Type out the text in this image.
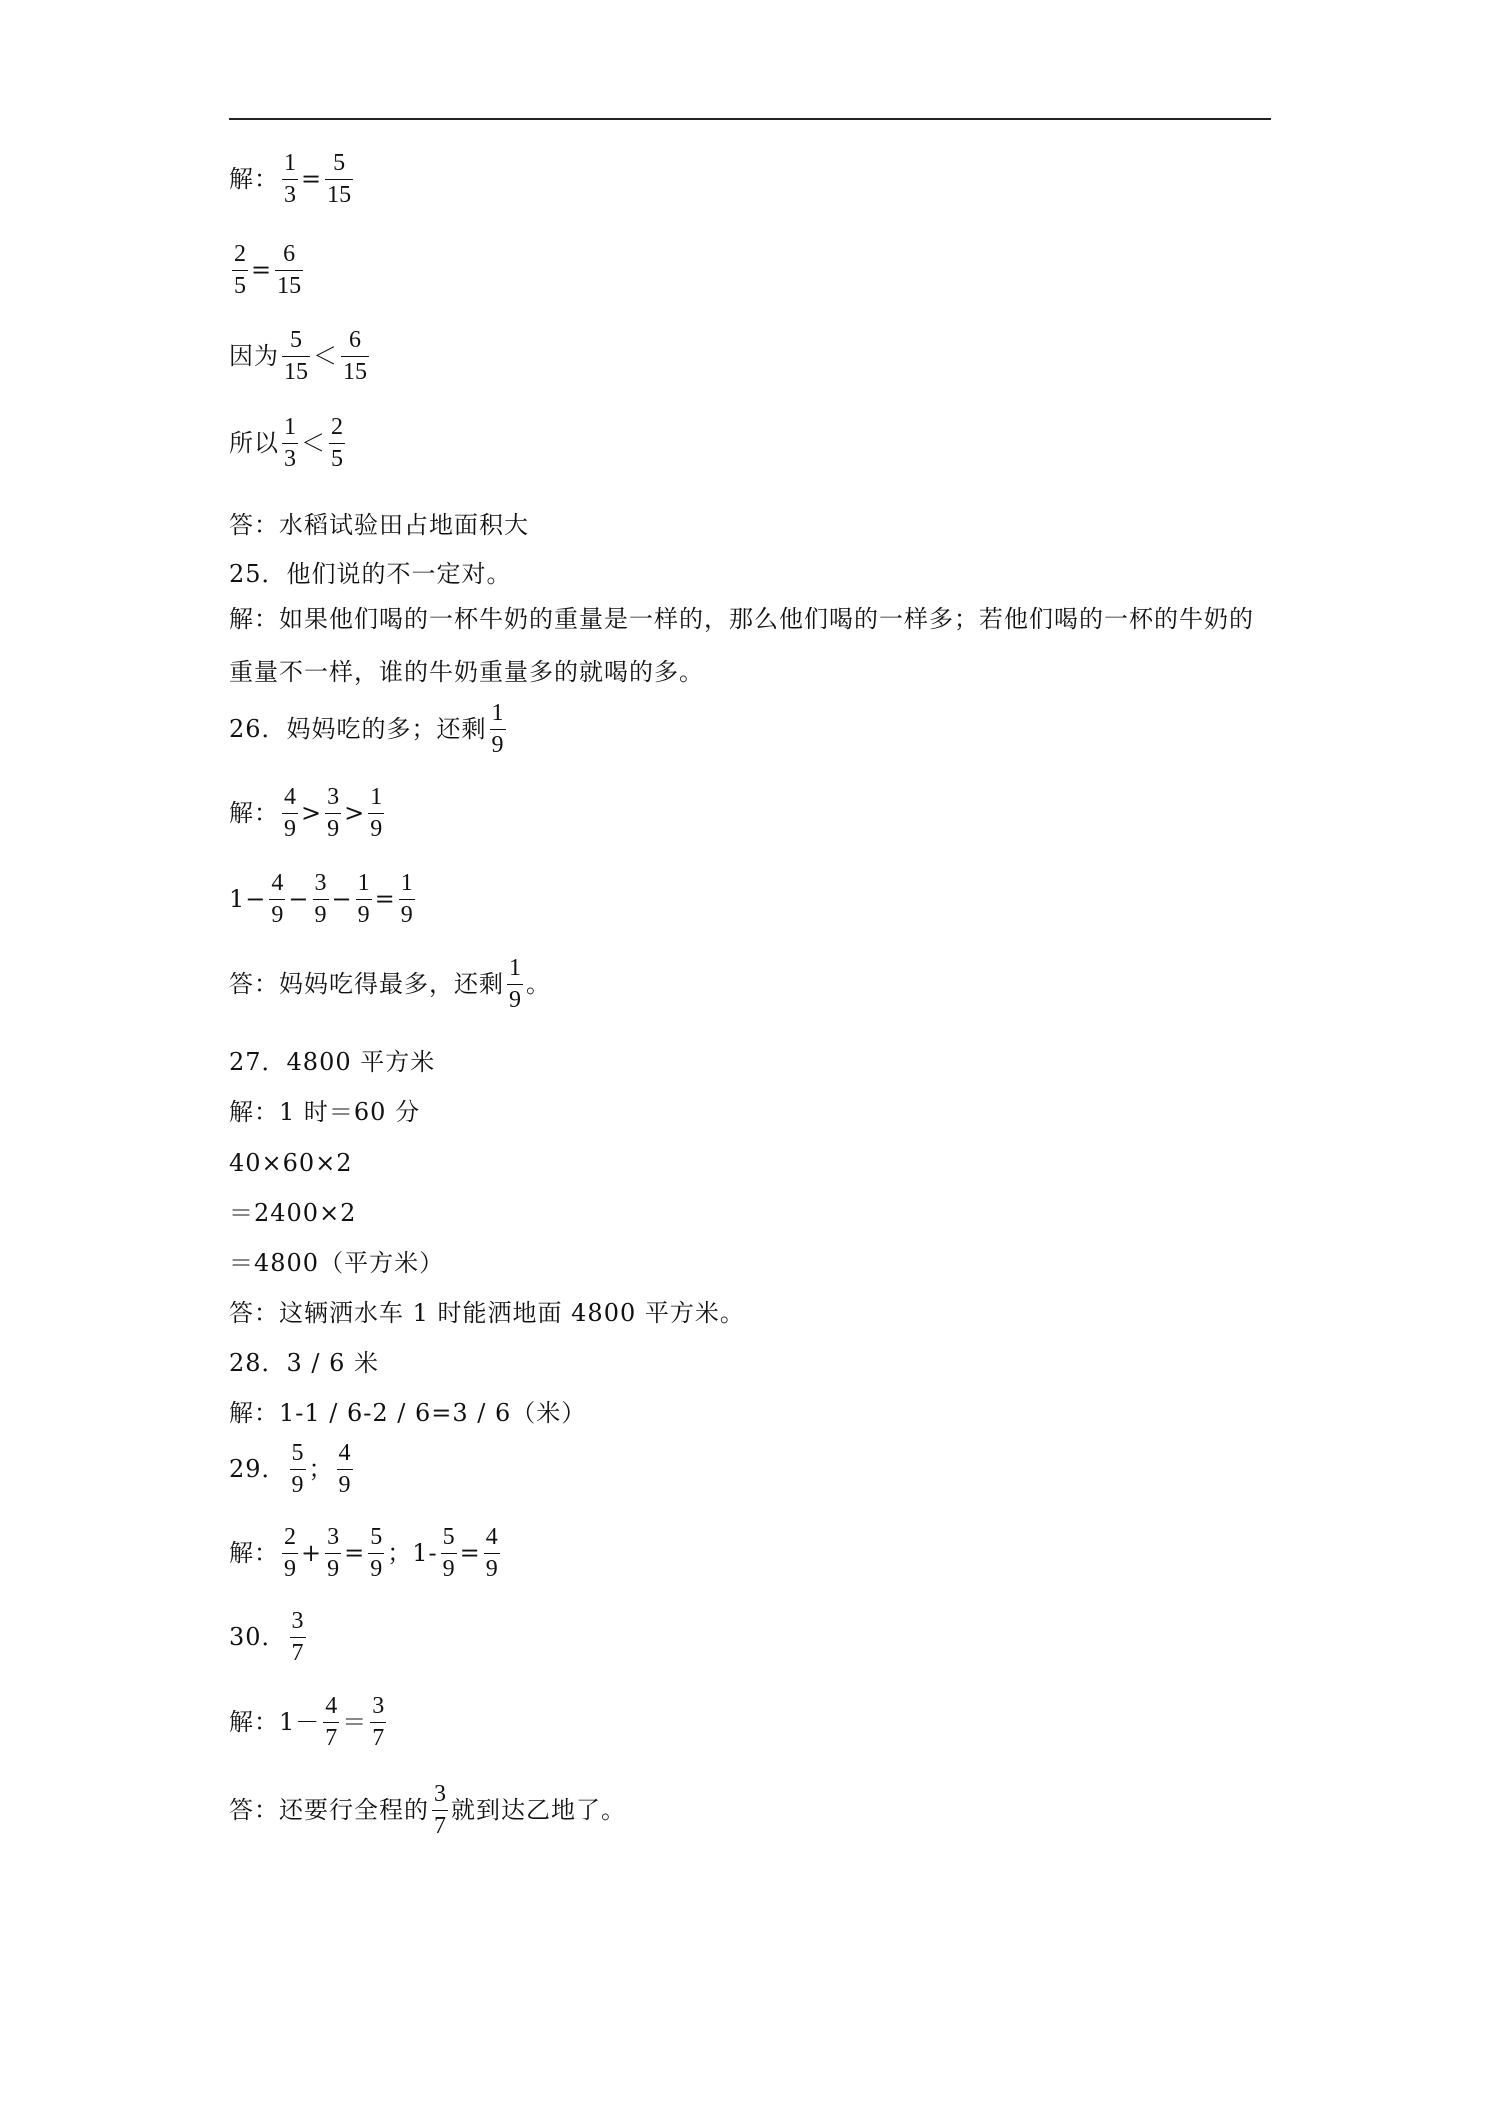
解： $\frac{1}{3} = \frac{5}{15}$
$\frac{2}{5} = \frac{6}{15}$
因为 $\frac{5}{15} < \frac{6}{15}$
所以 $\frac{1}{3} < \frac{2}{5}$
答：水稻试验田占地面积大
25．他们说的不一定对。
解：如果他们喝的一杯牛奶的重量是一样的，那么他们喝的一样多；若他们喝的一杯的牛奶的重量不一样，谁的牛奶重量多的就喝的多。
26．妈妈吃的多；还剩 $\frac{1}{9}$
解： $\frac{4}{9} > \frac{3}{9} > \frac{1}{9}$
$1- \frac{4}{9} - \frac{3}{9} - \frac{1}{9} = \frac{1}{9}$
答：妈妈吃得最多，还剩 $\frac{1}{9}$ 。
27．4800 平方米
解：1 时＝60 分
40×60×2
＝2400×2
＝4800（平方米）
答：这辆洒水车 1 时能洒地面 4800 平方米。
28．3 / 6 米
解：1-1 / 6-2 / 6=3 / 6（米）
29． $\frac{5}{9}$ ； $\frac{4}{9}$
解： $\frac{2}{9} + \frac{3}{9} = \frac{5}{9}$ ；$1- \frac{5}{9} = \frac{4}{9}$
30． $\frac{3}{7}$
解：$1- \frac{4}{7} = \frac{3}{7}$
答：还要行全程的 $\frac{3}{7}$ 就到达乙地了。
